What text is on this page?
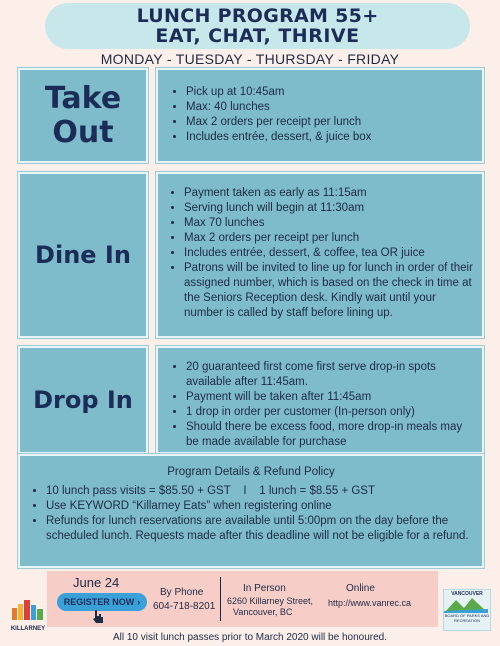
LUNCH PROGRAM 55+
EAT, CHAT, THRIVE
MONDAY - TUESDAY - THURSDAY - FRIDAY
Take
Out
• Pick up at 10:45am
• Max: 40 lunches
• Max 2 orders per receipt per lunch
• Includes entrée, dessert, & juice box
Dine In
• Payment taken as early as 11:15am
• Serving lunch will begin at 11:30am
• Max 70 lunches
• Max 2 orders per receipt per lunch
• Includes entrée, dessert, & coffee, tea OR juice
• Patrons will be invited to line up for lunch in order of their assigned number, which is based on the check in time at the Seniors Reception desk. Kindly wait until your number is called by staff before lining up.
Drop In
• 20 guaranteed first come first serve drop-in spots available after 11:45am.
• Payment will be taken after 11:45am
• 1 drop in order per customer (In-person only)
• Should there be excess food, more drop-in meals may be made available for purchase
Program Details & Refund Policy
• 10 lunch pass visits = $85.50 + GST    I    1 lunch = $8.55 + GST
• Use KEYWORD “Killarney Eats” when registering online
• Refunds for lunch reservations are available until 5:00pm on the day before the scheduled lunch. Requests made after this deadline will not be eligible for a refund.
KILLARNEY
June 24
REGISTER NOW ›
By Phone
604-718-8201
In Person
6260 Killarney Street,
Vancouver, BC
Online
http://www.vanrec.ca
VANCOUVER
BOARD OF PARKS AND RECREATION
All 10 visit lunch passes prior to March 2020 will be honoured.
